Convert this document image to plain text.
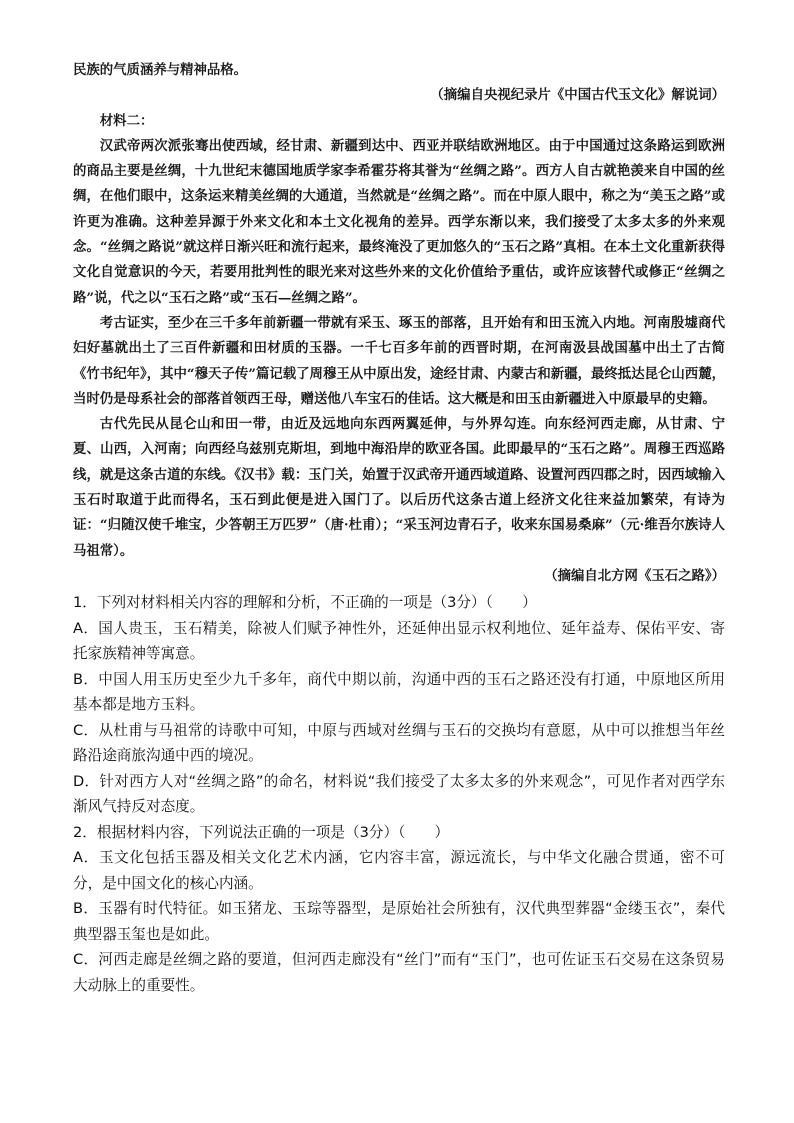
民族的气质涵养与精神品格。

（摘编自央视纪录片《中国古代玉文化》解说词）

材料二：

汉武帝两次派张骞出使西域，经甘肃、新疆到达中、西亚并联结欧洲地区。由于中国通过这条路运到欧洲的商品主要是丝绸，十九世纪末德国地质学家李希霍芬将其誉为“丝绸之路”。西方人自古就艳羡来自中国的丝绸，在他们眼中，这条运来精美丝绸的大通道，当然就是“丝绸之路”。而在中原人眼中，称之为“美玉之路”或许更为准确。这种差异源于外来文化和本土文化视角的差异。西学东渐以来，我们接受了太多太多的外来观念。“丝绸之路说”就这样日渐兴旺和流行起来，最终淹没了更加悠久的“玉石之路”真相。在本土文化重新获得文化自觉意识的今天，若要用批判性的眼光来对这些外来的文化价值给予重估，或许应该替代或修正“丝绸之路”说，代之以“玉石之路”或“玉石—丝绸之路”。

考古证实，至少在三千多年前新疆一带就有采玉、琢玉的部落，且开始有和田玉流入内地。河南殷墟商代妇好墓就出土了三百件新疆和田材质的玉器。一千七百多年前的西晋时期，在河南汲县战国墓中出土了古简《竹书纪年》，其中“穆天子传”篇记载了周穆王从中原出发，途经甘肃、内蒙古和新疆，最终抵达昆仑山西麓，当时仍是母系社会的部落首领西王母，赠送他八车宝石的佳话。这大概是和田玉由新疆进入中原最早的史籍。

古代先民从昆仑山和田一带，由近及远地向东西两翼延伸，与外界勾连。向东经河西走廊，从甘肃、宁夏、山西，入河南；向西经乌兹别克斯坦，到地中海沿岸的欧亚各国。此即最早的“玉石之路”。周穆王西巡路线，就是这条古道的东线。《汉书》载：玉门关，始置于汉武帝开通西域道路、设置河西四郡之时，因西域输入玉石时取道于此而得名，玉石到此便是进入国门了。以后历代这条古道上经济文化往来益加繁荣，有诗为证：“归随汉使千堆宝，少答朝王万匹罗”（唐·杜甫）；“采玉河边青石子，收来东国易桑麻”（元·维吾尔族诗人马祖常）。

（摘编自北方网《玉石之路》）

1．下列对材料相关内容的理解和分析，不正确的一项是（3分）（　　）

A．国人贵玉，玉石精美，除被人们赋予神性外，还延伸出显示权利地位、延年益寿、保佑平安、寄托家族精神等寓意。

B．中国人用玉历史至少九千多年，商代中期以前，沟通中西的玉石之路还没有打通，中原地区所用基本都是地方玉料。

C．从杜甫与马祖常的诗歌中可知，中原与西域对丝绸与玉石的交换均有意愿，从中可以推想当年丝路沿途商旅沟通中西的境况。

D．针对西方人对“丝绸之路”的命名，材料说“我们接受了太多太多的外来观念”，可见作者对西学东渐风气持反对态度。

2．根据材料内容，下列说法正确的一项是（3分）（　　）

A．玉文化包括玉器及相关文化艺术内涵，它内容丰富，源远流长，与中华文化融合贯通，密不可分，是中国文化的核心内涵。

B．玉器有时代特征。如玉猪龙、玉琮等器型，是原始社会所独有，汉代典型葬器“金缕玉衣”，秦代典型器玉玺也是如此。

C．河西走廊是丝绸之路的要道，但河西走廊没有“丝门”而有“玉门”，也可佐证玉石交易在这条贸易大动脉上的重要性。
